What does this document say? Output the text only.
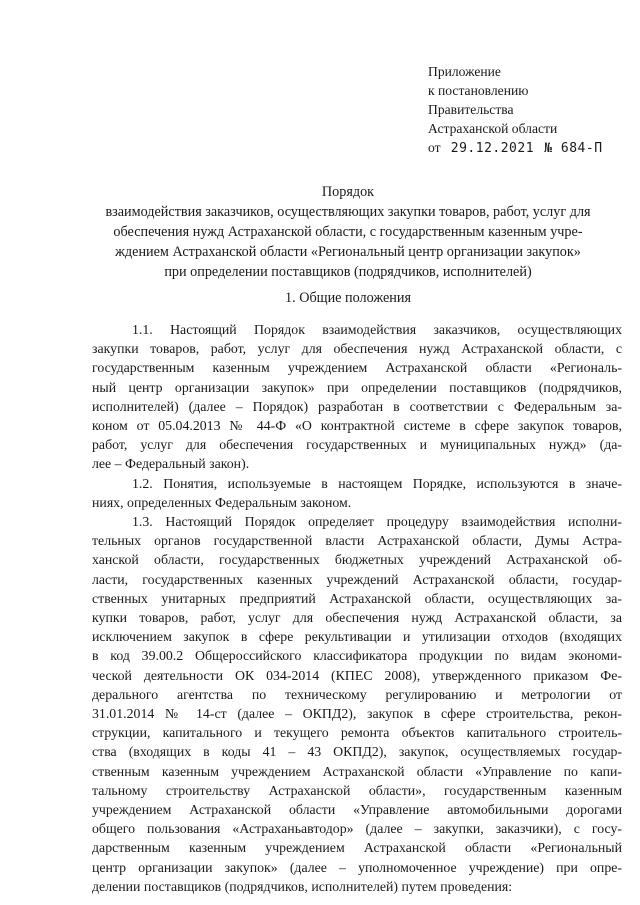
Приложение
к постановлению
Правительства
Астраханской области
от 29.12.2021 № 684-П
Порядок
взаимодействия заказчиков, осуществляющих закупки товаров, работ, услуг для
обеспечения нужд Астраханской области, с государственным казенным учре-
ждением Астраханской области «Региональный центр организации закупок»
при определении поставщиков (подрядчиков, исполнителей)
1. Общие положения
1.1. Настоящий Порядок взаимодействия заказчиков, осуществляющих
закупки товаров, работ, услуг для обеспечения нужд Астраханской области, с
государственным казенным учреждением Астраханской области «Региональ-
ный центр организации закупок» при определении поставщиков (подрядчиков,
исполнителей) (далее – Порядок) разработан в соответствии с Федеральным за-
коном от 05.04.2013 № 44-Ф «О контрактной системе в сфере закупок товаров,
работ, услуг для обеспечения государственных и муниципальных нужд» (да-
лее – Федеральный закон).
1.2. Понятия, используемые в настоящем Порядке, используются в значе-
ниях, определенных Федеральным законом.
1.3. Настоящий Порядок определяет процедуру взаимодействия исполни-
тельных органов государственной власти Астраханской области, Думы Астра-
ханской области, государственных бюджетных учреждений Астраханской об-
ласти, государственных казенных учреждений Астраханской области, государ-
ственных унитарных предприятий Астраханской области, осуществляющих за-
купки товаров, работ, услуг для обеспечения нужд Астраханской области, за
исключением закупок в сфере рекультивации и утилизации отходов (входящих
в код 39.00.2 Общероссийского классификатора продукции по видам экономи-
ческой деятельности ОК 034-2014 (КПЕС 2008), утвержденного приказом Фе-
дерального агентства по техническому регулированию и метрологии от
31.01.2014 № 14-ст (далее – ОКПД2), закупок в сфере строительства, рекон-
струкции, капитального и текущего ремонта объектов капитального строитель-
ства (входящих в коды 41 – 43 ОКПД2), закупок, осуществляемых государ-
ственным казенным учреждением Астраханской области «Управление по капи-
тальному строительству Астраханской области», государственным казенным
учреждением Астраханской области «Управление автомобильными дорогами
общего пользования «Астраханьавтодор» (далее – закупки, заказчики), с госу-
дарственным казенным учреждением Астраханской области «Региональный
центр организации закупок» (далее – уполномоченное учреждение) при опре-
делении поставщиков (подрядчиков, исполнителей) путем проведения:
